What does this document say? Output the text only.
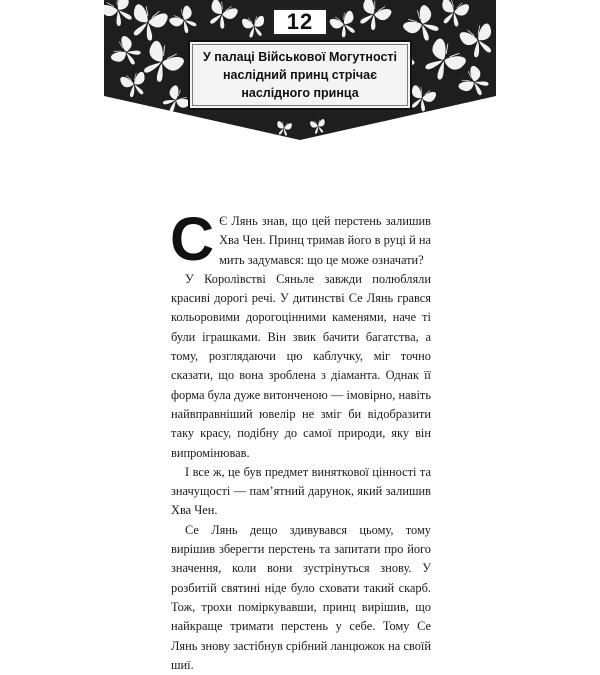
12
У палаці Військової Могутності
наслідний принц стрічає
наслідного принца

С Є Лянь знав, що цей перстень залишив Хва Чен. Принц тримав його в руці й на мить задумався: що це може означати?

У Королівстві Сяньле завжди полюбляли красиві дорогі речі. У дитинстві Се Лянь грався кольоровими дорогоцінними каменями, наче ті були іграшками. Він звик бачити багатства, а тому, розглядаючи цю каблучку, міг точно сказати, що вона зроблена з діаманта. Однак її форма була дуже витонченою — імовірно, навіть найвправніший ювелір не зміг би відобразити таку красу, подібну до самої природи, яку він випромінював.

І все ж, це був предмет виняткової цінності та значущості — пам’ятний дарунок, який залишив Хва Чен.

Се Лянь дещо здивувався цьому, тому вирішив зберегти перстень та запитати про його значення, коли вони зустрінуться знову. У розбитій святині ніде було сховати такий скарб. Тож, трохи поміркувавши, принц вирішив, що найкраще тримати перстень у себе. Тому Се Лянь знову застібнув срібний ланцюжок на своїй шиї.
